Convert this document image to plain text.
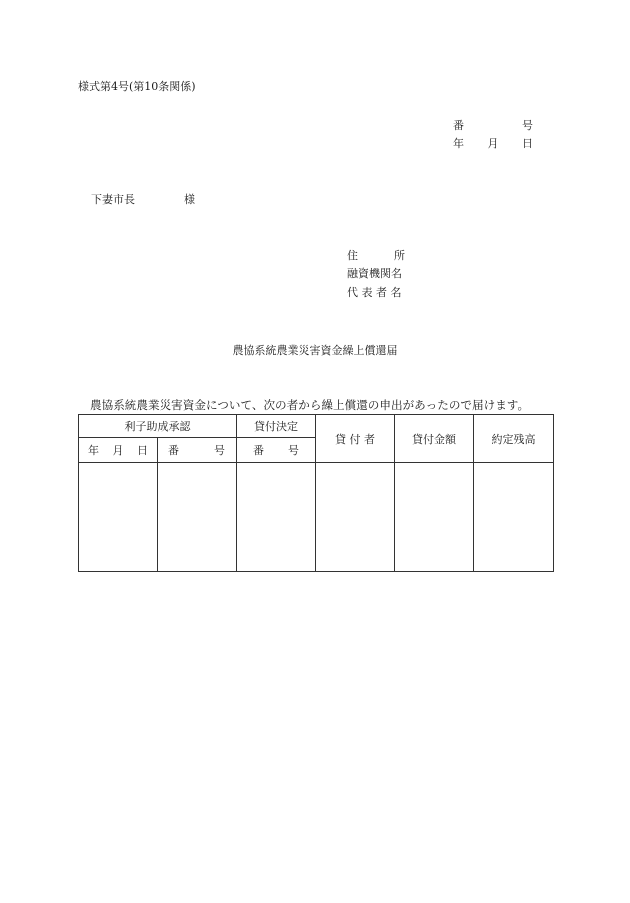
様式第4号(第10条関係)
番	号
年 月 日
下妻市長	様
住	所
融資機関名
代 表 者 名
農協系統農業災害資金繰上償還届
農協系統農業災害資金について、次の者から繰上償還の申出があったので届けます。
利子助成承認		貸付決定	貸 付 者	貸付金額	約定残高

年 月 日	番 号	番 号			
